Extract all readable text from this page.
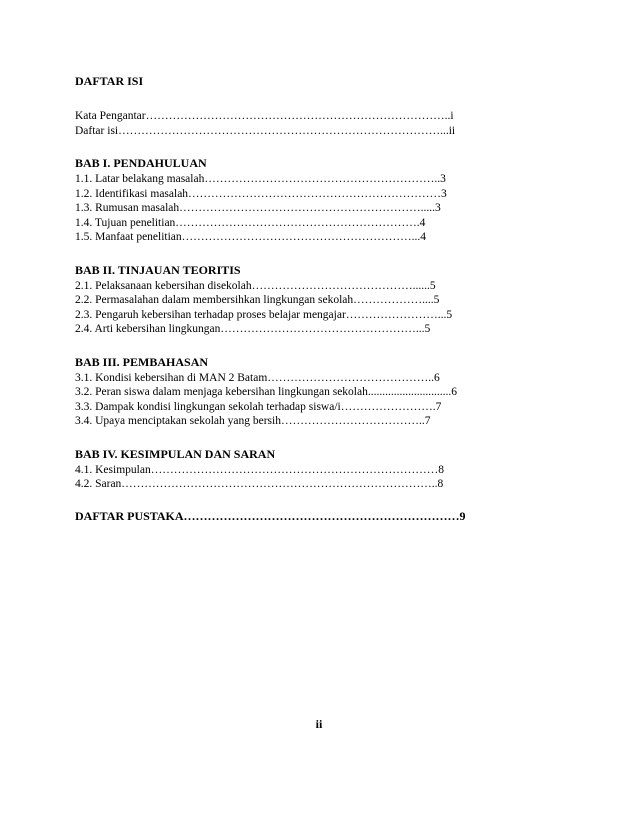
DAFTAR ISI
Kata Pengantar……………………………………………………………………..i
Daftar isi…………………………………………………………………………...ii
BAB I. PENDAHULUAN
1.1. Latar belakang masalah……………………………………………………..3
1.2. Identifikasi masalah…………………………………………………………3
1.3. Rumusan masalah……………………………………………………….....3
1.4. Tujuan penelitian……………………………………………………….4
1.5. Manfaat penelitian……………………………………………………...4
BAB II. TINJAUAN TEORITIS
2.1. Pelaksanaan kebersihan disekolah……………………………………......5
2.2. Permasalahan dalam membersihkan lingkungan sekolah………………....5
2.3. Pengaruh kebersihan terhadap proses belajar mengajar……………………...5
2.4. Arti kebersihan lingkungan……………………………………………...5
BAB III. PEMBAHASAN
3.1. Kondisi kebersihan di MAN 2 Batam……………………………………..6
3.2. Peran siswa dalam menjaga kebersihan lingkungan sekolah.............................6
3.3. Dampak kondisi lingkungan sekolah terhadap siswa/i…………………….7
3.4. Upaya menciptakan sekolah yang bersih………………………………..7
BAB IV. KESIMPULAN DAN SARAN
4.1. Kesimpulan…………………………………………………………………8
4.2. Saran………………………………………………………………………..8
DAFTAR PUSTAKA……………………………………………………………9
ii
